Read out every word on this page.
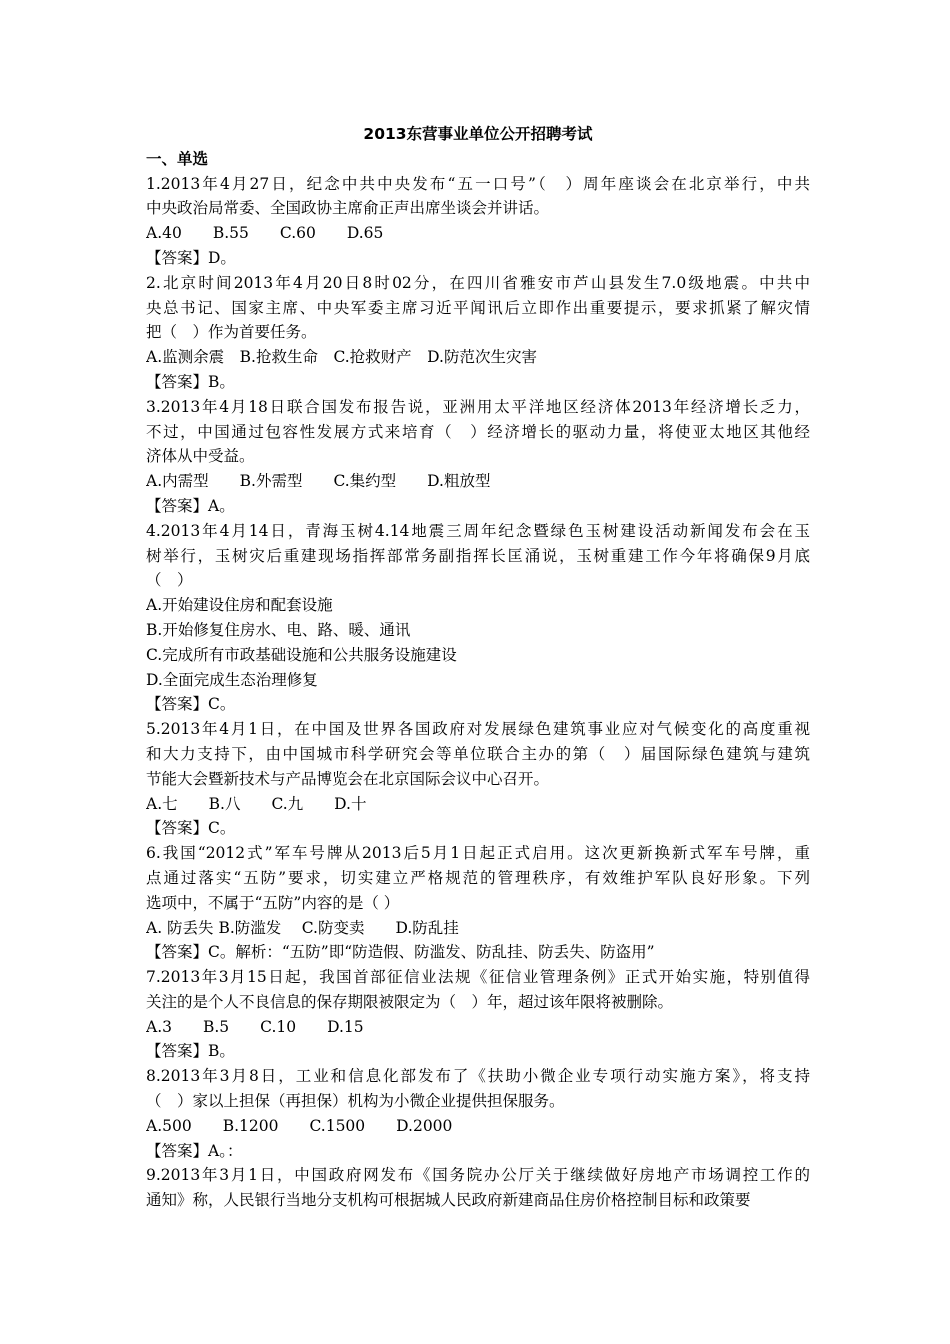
2013东营事业单位公开招聘考试
一、单选
1.2013年4月27日，纪念中共中央发布“五一口号”（　）周年座谈会在北京举行，中共
中央政治局常委、全国政协主席俞正声出席坐谈会并讲话。
A.40　　B.55　　C.60　　D.65
【答案】D。
2.北京时间2013年4月20日8时02分，在四川省雅安市芦山县发生7.0级地震。中共中
央总书记、国家主席、中央军委主席习近平闻讯后立即作出重要提示，要求抓紧了解灾情
把（　）作为首要任务。
A.监测余震　B.抢救生命　C.抢救财产　D.防范次生灾害
【答案】B。
3.2013年4月18日联合国发布报告说，亚洲用太平洋地区经济体2013年经济增长乏力，
不过，中国通过包容性发展方式来培育（　）经济增长的驱动力量，将使亚太地区其他经
济体从中受益。
A.内需型　　B.外需型　　C.集约型　　D.粗放型
【答案】A。
4.2013年4月14日，青海玉树4.14地震三周年纪念暨绿色玉树建设活动新闻发布会在玉
树举行，玉树灾后重建现场指挥部常务副指挥长匡涌说，玉树重建工作今年将确保9月底
（　）
A.开始建设住房和配套设施
B.开始修复住房水、电、路、暖、通讯
C.完成所有市政基础设施和公共服务设施建设
D.全面完成生态治理修复
【答案】C。
5.2013年4月1日，在中国及世界各国政府对发展绿色建筑事业应对气候变化的高度重视
和大力支持下，由中国城市科学研究会等单位联合主办的第（　）届国际绿色建筑与建筑
节能大会暨新技术与产品博览会在北京国际会议中心召开。
A.七　　B.八　　C.九　　D.十
【答案】C。
6.我国“2012式”军车号牌从2013后5月1日起正式启用。这次更新换新式军车号牌，重
点通过落实“五防”要求，切实建立严格规范的管理秩序，有效维护军队良好形象。下列
选项中，不属于“五防”内容的是（ ）
A. 防丢失 B.防滥发　 C.防变卖　　D.防乱挂
【答案】C。解析：“五防”即“防造假、防滥发、防乱挂、防丢失、防盗用”
7.2013年3月15日起，我国首部征信业法规《征信业管理条例》正式开始实施，特别值得
关注的是个人不良信息的保存期限被限定为（　）年，超过该年限将被删除。
A.3　　B.5　　C.10　　D.15
【答案】B。
8.2013年3月8日，工业和信息化部发布了《扶助小微企业专项行动实施方案》，将支持
（　）家以上担保（再担保）机构为小微企业提供担保服务。
A.500　　B.1200　　C.1500　　D.2000
【答案】A。：
9.2013年3月1日，中国政府网发布《国务院办公厅关于继续做好房地产市场调控工作的
通知》称，人民银行当地分支机构可根据城人民政府新建商品住房价格控制目标和政策要
